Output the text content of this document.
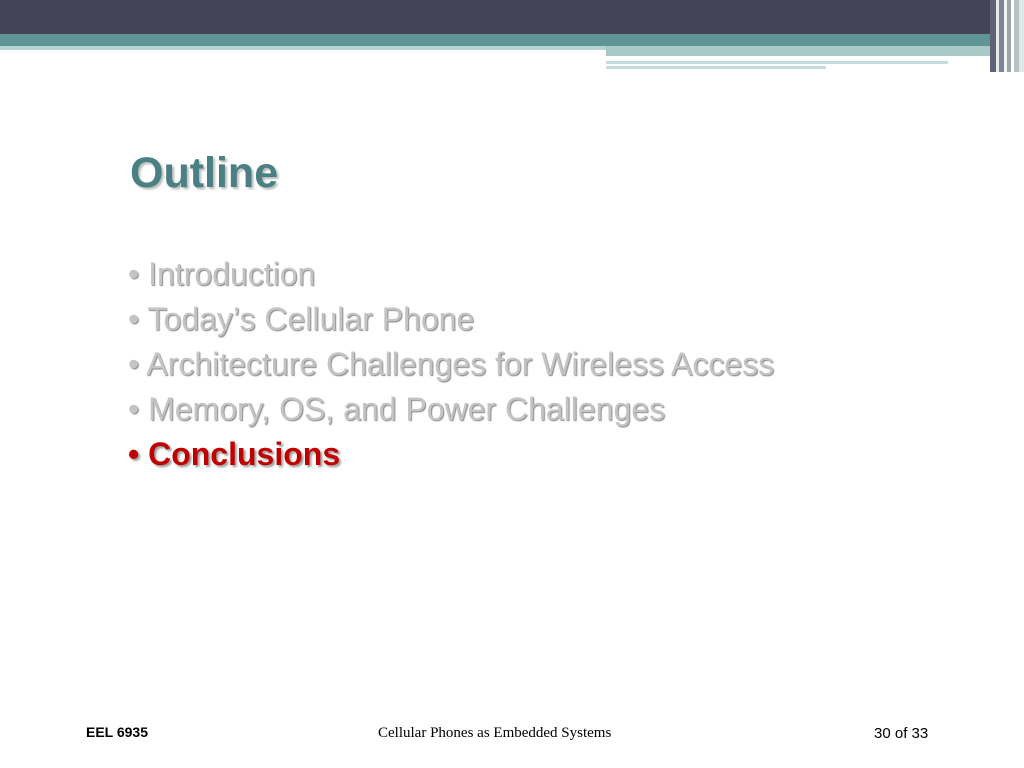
Outline
• Introduction
• Today’s Cellular Phone
• Architecture Challenges for Wireless Access
• Memory, OS, and Power Challenges
• Conclusions
EEL 6935	Cellular Phones as Embedded Systems	30 of 33
